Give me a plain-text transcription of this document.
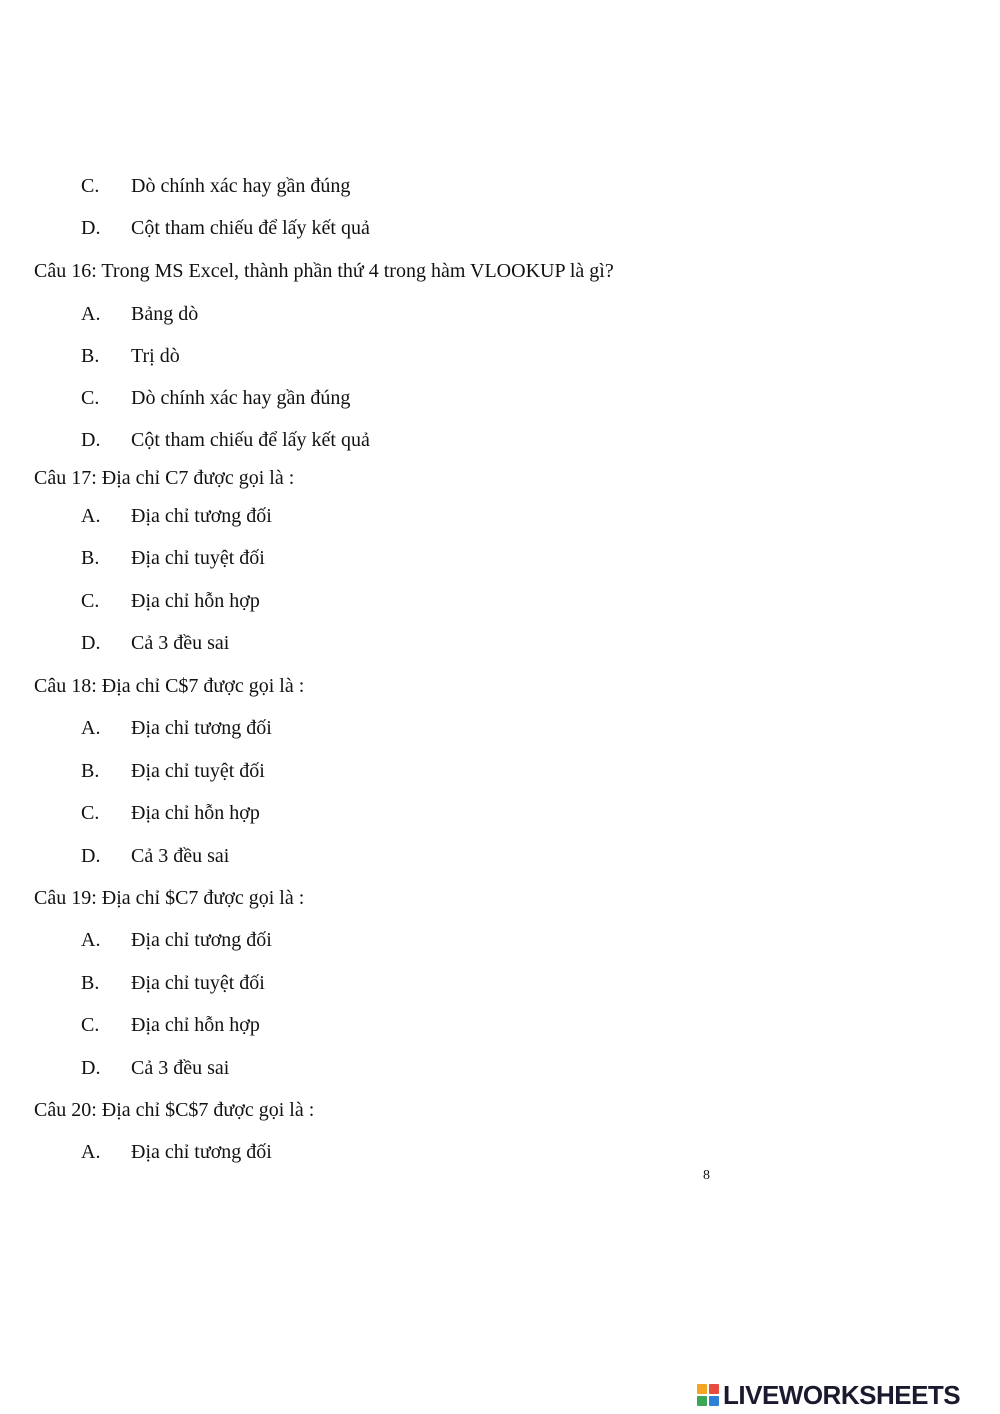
C. Dò chính xác hay gần đúng
D. Cột tham chiếu để lấy kết quả
Câu 16: Trong MS Excel, thành phần thứ 4 trong hàm VLOOKUP là gì?
A. Bảng dò
B. Trị dò
C. Dò chính xác hay gần đúng
D. Cột tham chiếu để lấy kết quả
Câu 17: Địa chỉ C7 được gọi là :
A. Địa chỉ tương đối
B. Địa chỉ tuyệt đối
C. Địa chỉ hỗn hợp
D. Cả 3 đều sai
Câu 18: Địa chỉ C$7 được gọi là :
A. Địa chỉ tương đối
B. Địa chỉ tuyệt đối
C. Địa chỉ hỗn hợp
D. Cả 3 đều sai
Câu 19: Địa chỉ $C7 được gọi là :
A. Địa chỉ tương đối
B. Địa chỉ tuyệt đối
C. Địa chỉ hỗn hợp
D. Cả 3 đều sai
Câu 20: Địa chỉ $C$7 được gọi là :
A. Địa chỉ tương đối
8
LIVEWORKSHEETS
